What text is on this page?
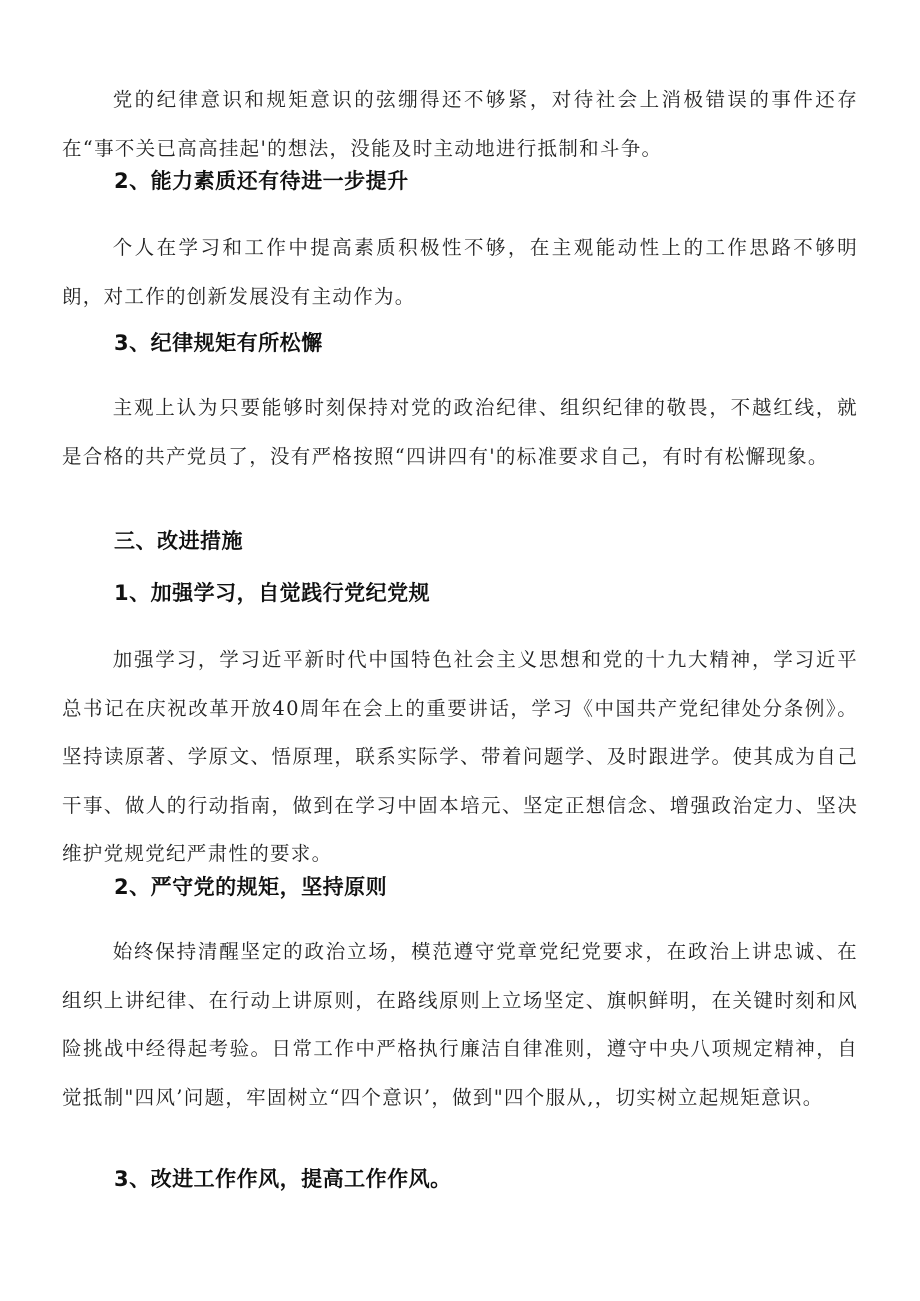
党的纪律意识和规矩意识的弦绷得还不够紧，对待社会上消极错误的事件还存在“事不关已高高挂起'的想法，没能及时主动地进行抵制和斗争。

2、能力素质还有待进一步提升

个人在学习和工作中提高素质积极性不够，在主观能动性上的工作思路不够明朗，对工作的创新发展没有主动作为。

3、纪律规矩有所松懈

主观上认为只要能够时刻保持对党的政治纪律、组织纪律的敬畏，不越红线，就是合格的共产党员了，没有严格按照“四讲四有'的标准要求自己，有时有松懈现象。

三、改进措施
1、加强学习，自觉践行党纪党规

加强学习，学习近平新时代中国特色社会主义思想和党的十九大精神，学习近平总书记在庆祝改革开放40周年在会上的重要讲话，学习《中国共产党纪律处分条例》。坚持读原著、学原文、悟原理，联系实际学、带着问题学、及时跟进学。使其成为自己干事、做人的行动指南，做到在学习中固本培元、坚定正想信念、增强政治定力、坚决维护党规党纪严肃性的要求。

2、严守党的规矩，坚持原则

始终保持清醒坚定的政治立场，模范遵守党章党纪党要求，在政治上讲忠诚、在组织上讲纪律、在行动上讲原则，在路线原则上立场坚定、旗帜鲜明，在关键时刻和风险挑战中经得起考验。日常工作中严格执行廉洁自律准则，遵守中央八项规定精神，自觉抵制"四风’问题，牢固树立“四个意识’，做到"四个服从,，切实树立起规矩意识。

3、改进工作作风，提高工作作风。
